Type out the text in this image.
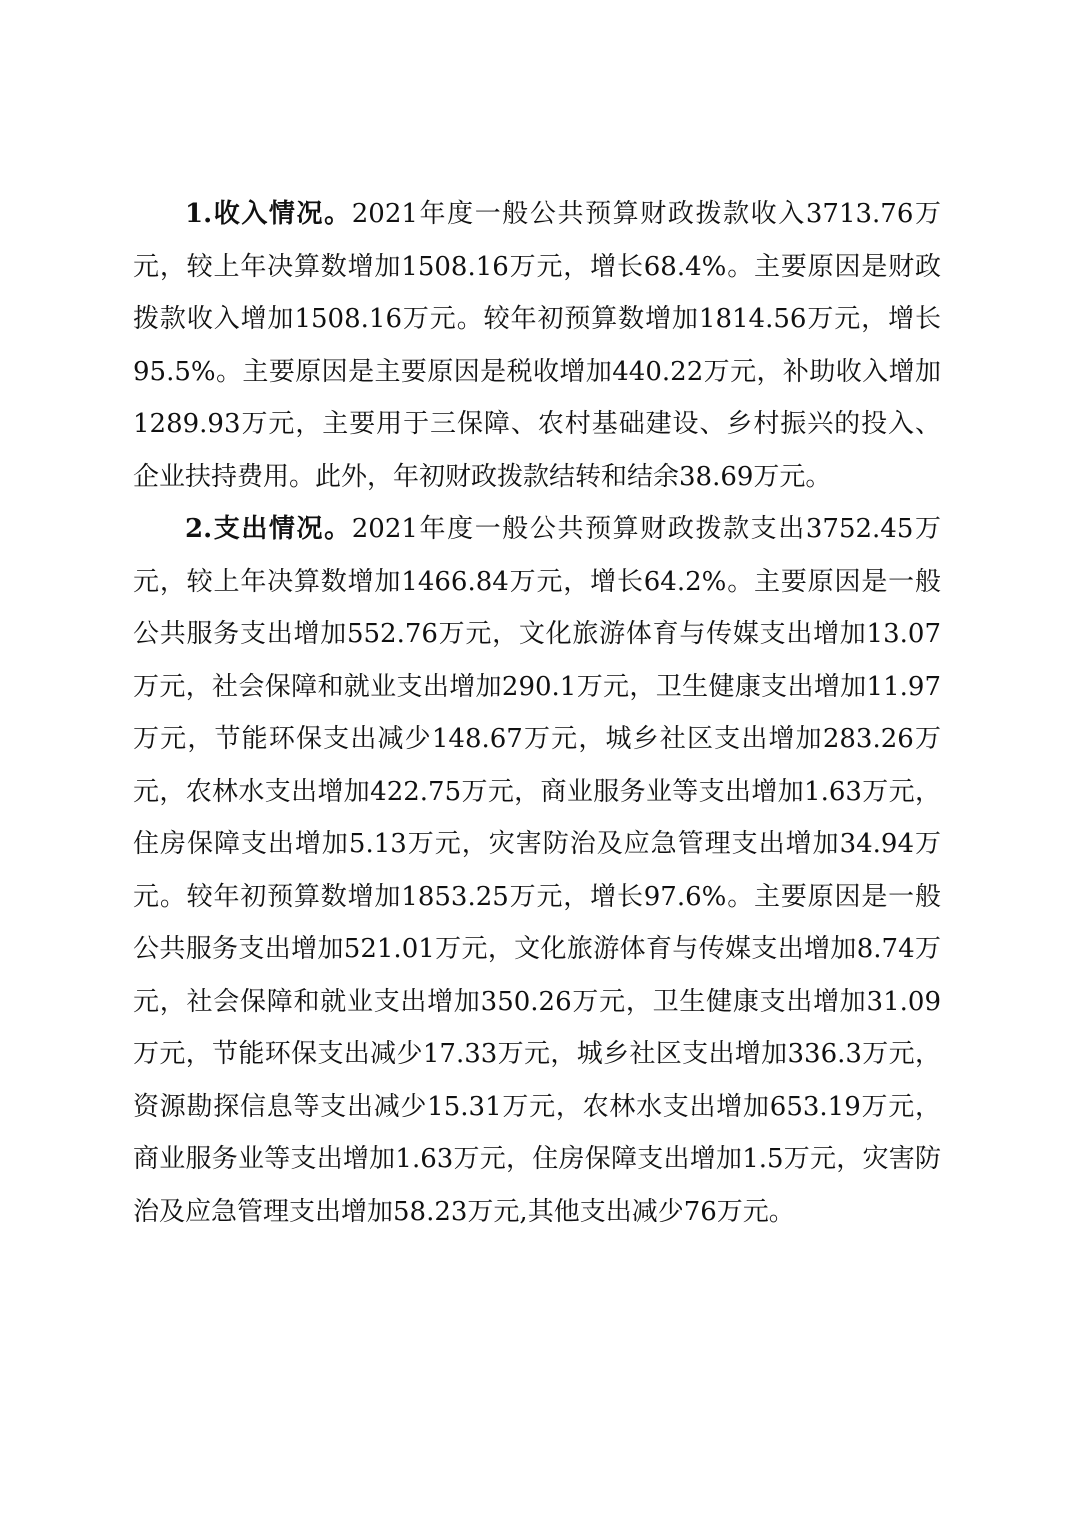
1.收入情况。2021年度一般公共预算财政拨款收入3713.76万元，较上年决算数增加1508.16万元，增长68.4%。主要原因是财政拨款收入增加1508.16万元。较年初预算数增加1814.56万元，增长95.5%。主要原因是主要原因是税收增加440.22万元，补助收入增加1289.93万元，主要用于三保障、农村基础建设、乡村振兴的投入、企业扶持费用。此外，年初财政拨款结转和结余38.69万元。

2.支出情况。2021年度一般公共预算财政拨款支出3752.45万元，较上年决算数增加1466.84万元，增长64.2%。主要原因是一般公共服务支出增加552.76万元，文化旅游体育与传媒支出增加13.07万元，社会保障和就业支出增加290.1万元，卫生健康支出增加11.97万元，节能环保支出减少148.67万元，城乡社区支出增加283.26万元，农林水支出增加422.75万元，商业服务业等支出增加1.63万元，住房保障支出增加5.13万元，灾害防治及应急管理支出增加34.94万元。较年初预算数增加1853.25万元，增长97.6%。主要原因是一般公共服务支出增加521.01万元，文化旅游体育与传媒支出增加8.74万元，社会保障和就业支出增加350.26万元，卫生健康支出增加31.09万元，节能环保支出减少17.33万元，城乡社区支出增加336.3万元，资源勘探信息等支出减少15.31万元，农林水支出增加653.19万元，商业服务业等支出增加1.63万元，住房保障支出增加1.5万元，灾害防治及应急管理支出增加58.23万元,其他支出减少76万元。
